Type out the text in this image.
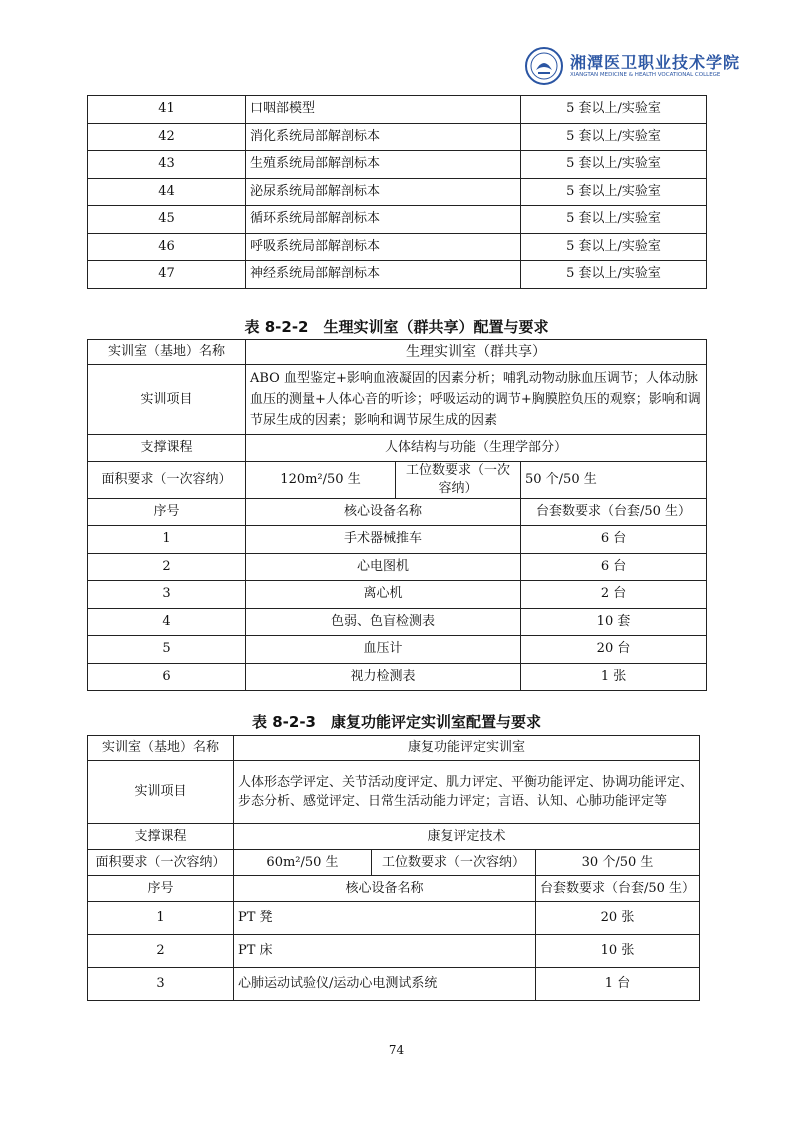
湘潭医卫职业技术学院
XIANGTAN MEDICINE & HEALTH VOCATIONAL COLLEGE
41	口咽部模型	5 套以上/实验室
42	消化系统局部解剖标本	5 套以上/实验室
43	生殖系统局部解剖标本	5 套以上/实验室
44	泌尿系统局部解剖标本	5 套以上/实验室
45	循环系统局部解剖标本	5 套以上/实验室
46	呼吸系统局部解剖标本	5 套以上/实验室
47	神经系统局部解剖标本	5 套以上/实验室
表 8-2-2　生理实训室（群共享）配置与要求
实训室（基地）名称	生理实训室（群共享）		
实训项目	ABO 血型鉴定+影响血液凝固的因素分析；哺乳动物动脉血压调节；人体动脉血压的测量+人体心音的听诊；呼吸运动的调节+胸膜腔负压的观察；影响和调节尿生成的因素；影响和调节尿生成的因素		
支撑课程	人体结构与功能（生理学部分）		
面积要求（一次容纳）	120m²/50 生	工位数要求（一次容纳）	50 个/50 生
序号	核心设备名称		台套数要求（台套/50 生）
1	手术器械推车		6 台
2	心电图机		6 台
3	离心机		2 台
4	色弱、色盲检测表		10 套
5	血压计		20 台
6	视力检测表		1 张
表 8-2-3　康复功能评定实训室配置与要求
实训室（基地）名称	康复功能评定实训室		
实训项目	人体形态学评定、关节活动度评定、肌力评定、平衡功能评定、协调功能评定、步态分析、感觉评定、日常生活动能力评定；言语、认知、心肺功能评定等		
支撑课程	康复评定技术		
面积要求（一次容纳）	60m²/50 生	工位数要求（一次容纳）	30 个/50 生
序号	核心设备名称		台套数要求（台套/50 生）
1	PT 凳		20 张
2	PT 床		10 张
3	心肺运动试验仪/运动心电测试系统		1 台
74
